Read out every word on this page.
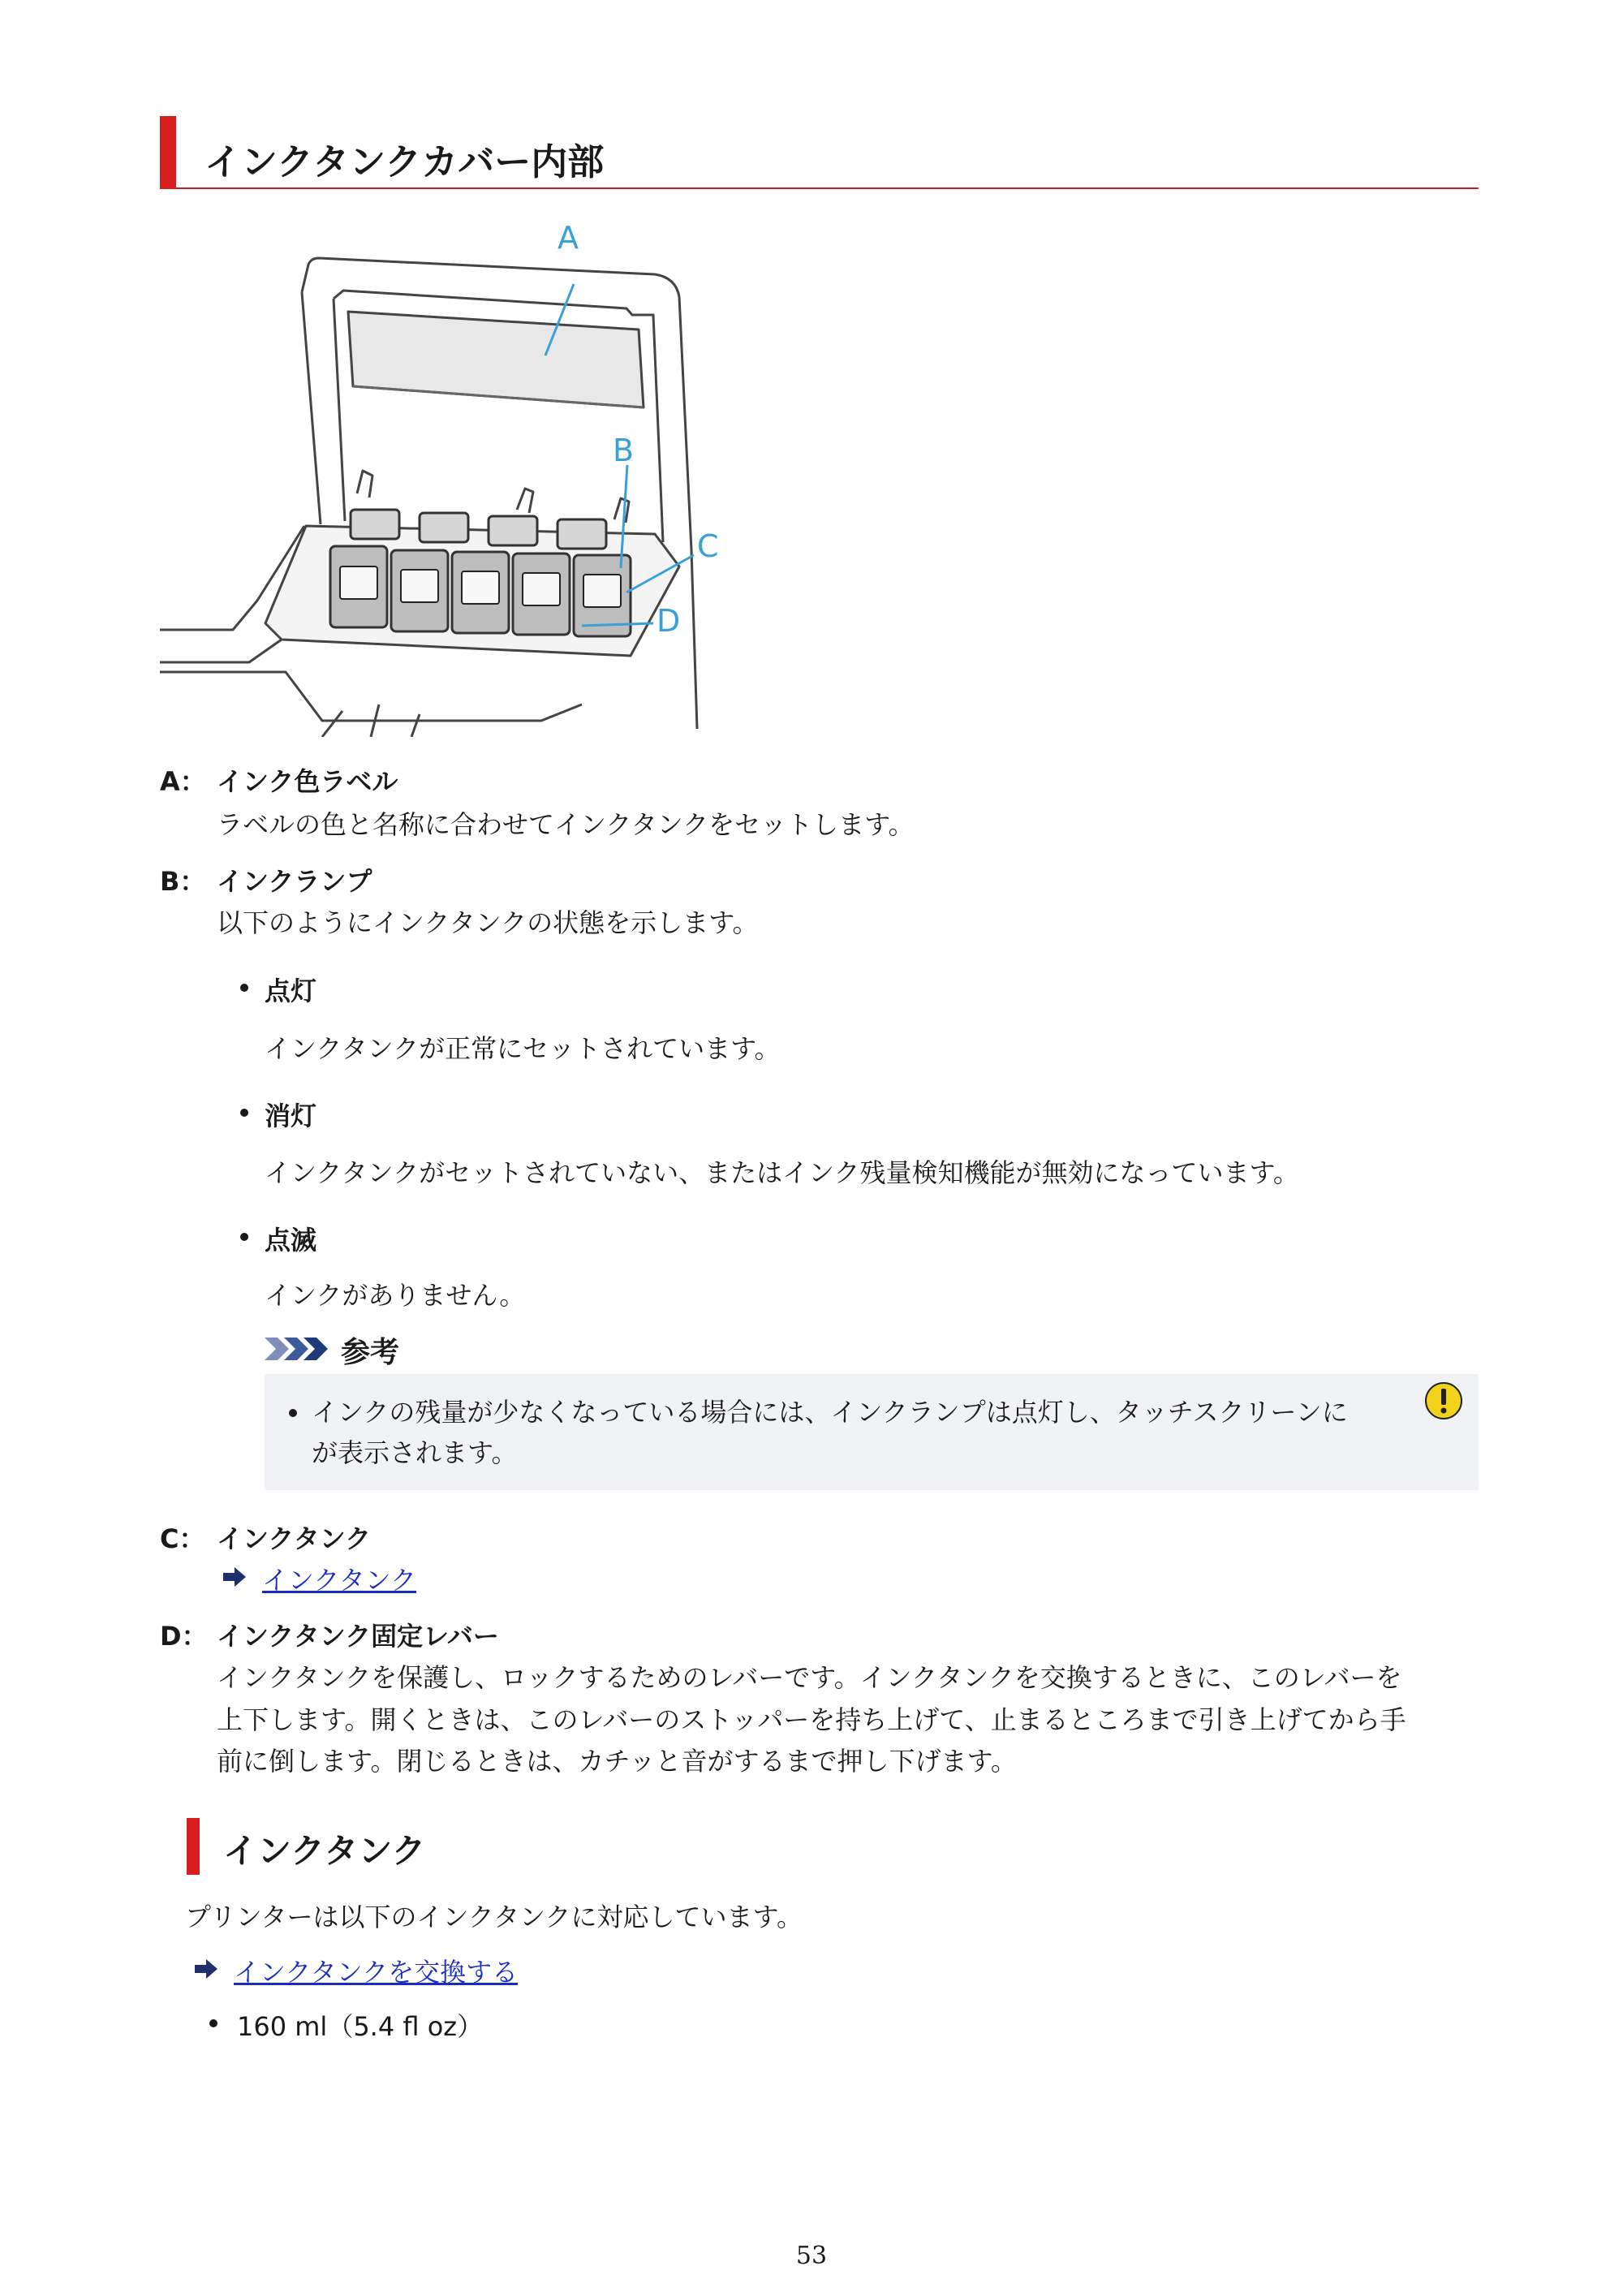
インクタンクカバー内部
A
B
C
D
A： インク色ラベル
ラベルの色と名称に合わせてインクタンクをセットします。
B： インクランプ
以下のようにインクタンクの状態を示します。
点灯
インクタンクが正常にセットされています。
消灯
インクタンクがセットされていない、またはインク残量検知機能が無効になっています。
点滅
インクがありません。
参考
インクの残量が少なくなっている場合には、インクランプは点灯し、タッチスクリーンに
が表示されます。
C： インクタンク
インクタンク
D： インクタンク固定レバー
インクタンクを保護し、ロックするためのレバーです。インクタンクを交換するときに、このレバーを
上下します。開くときは、このレバーのストッパーを持ち上げて、止まるところまで引き上げてから手
前に倒します。閉じるときは、カチッと音がするまで押し下げます。
インクタンク
プリンターは以下のインクタンクに対応しています。
インクタンクを交換する
160 ml（5.4 fl oz）
53
